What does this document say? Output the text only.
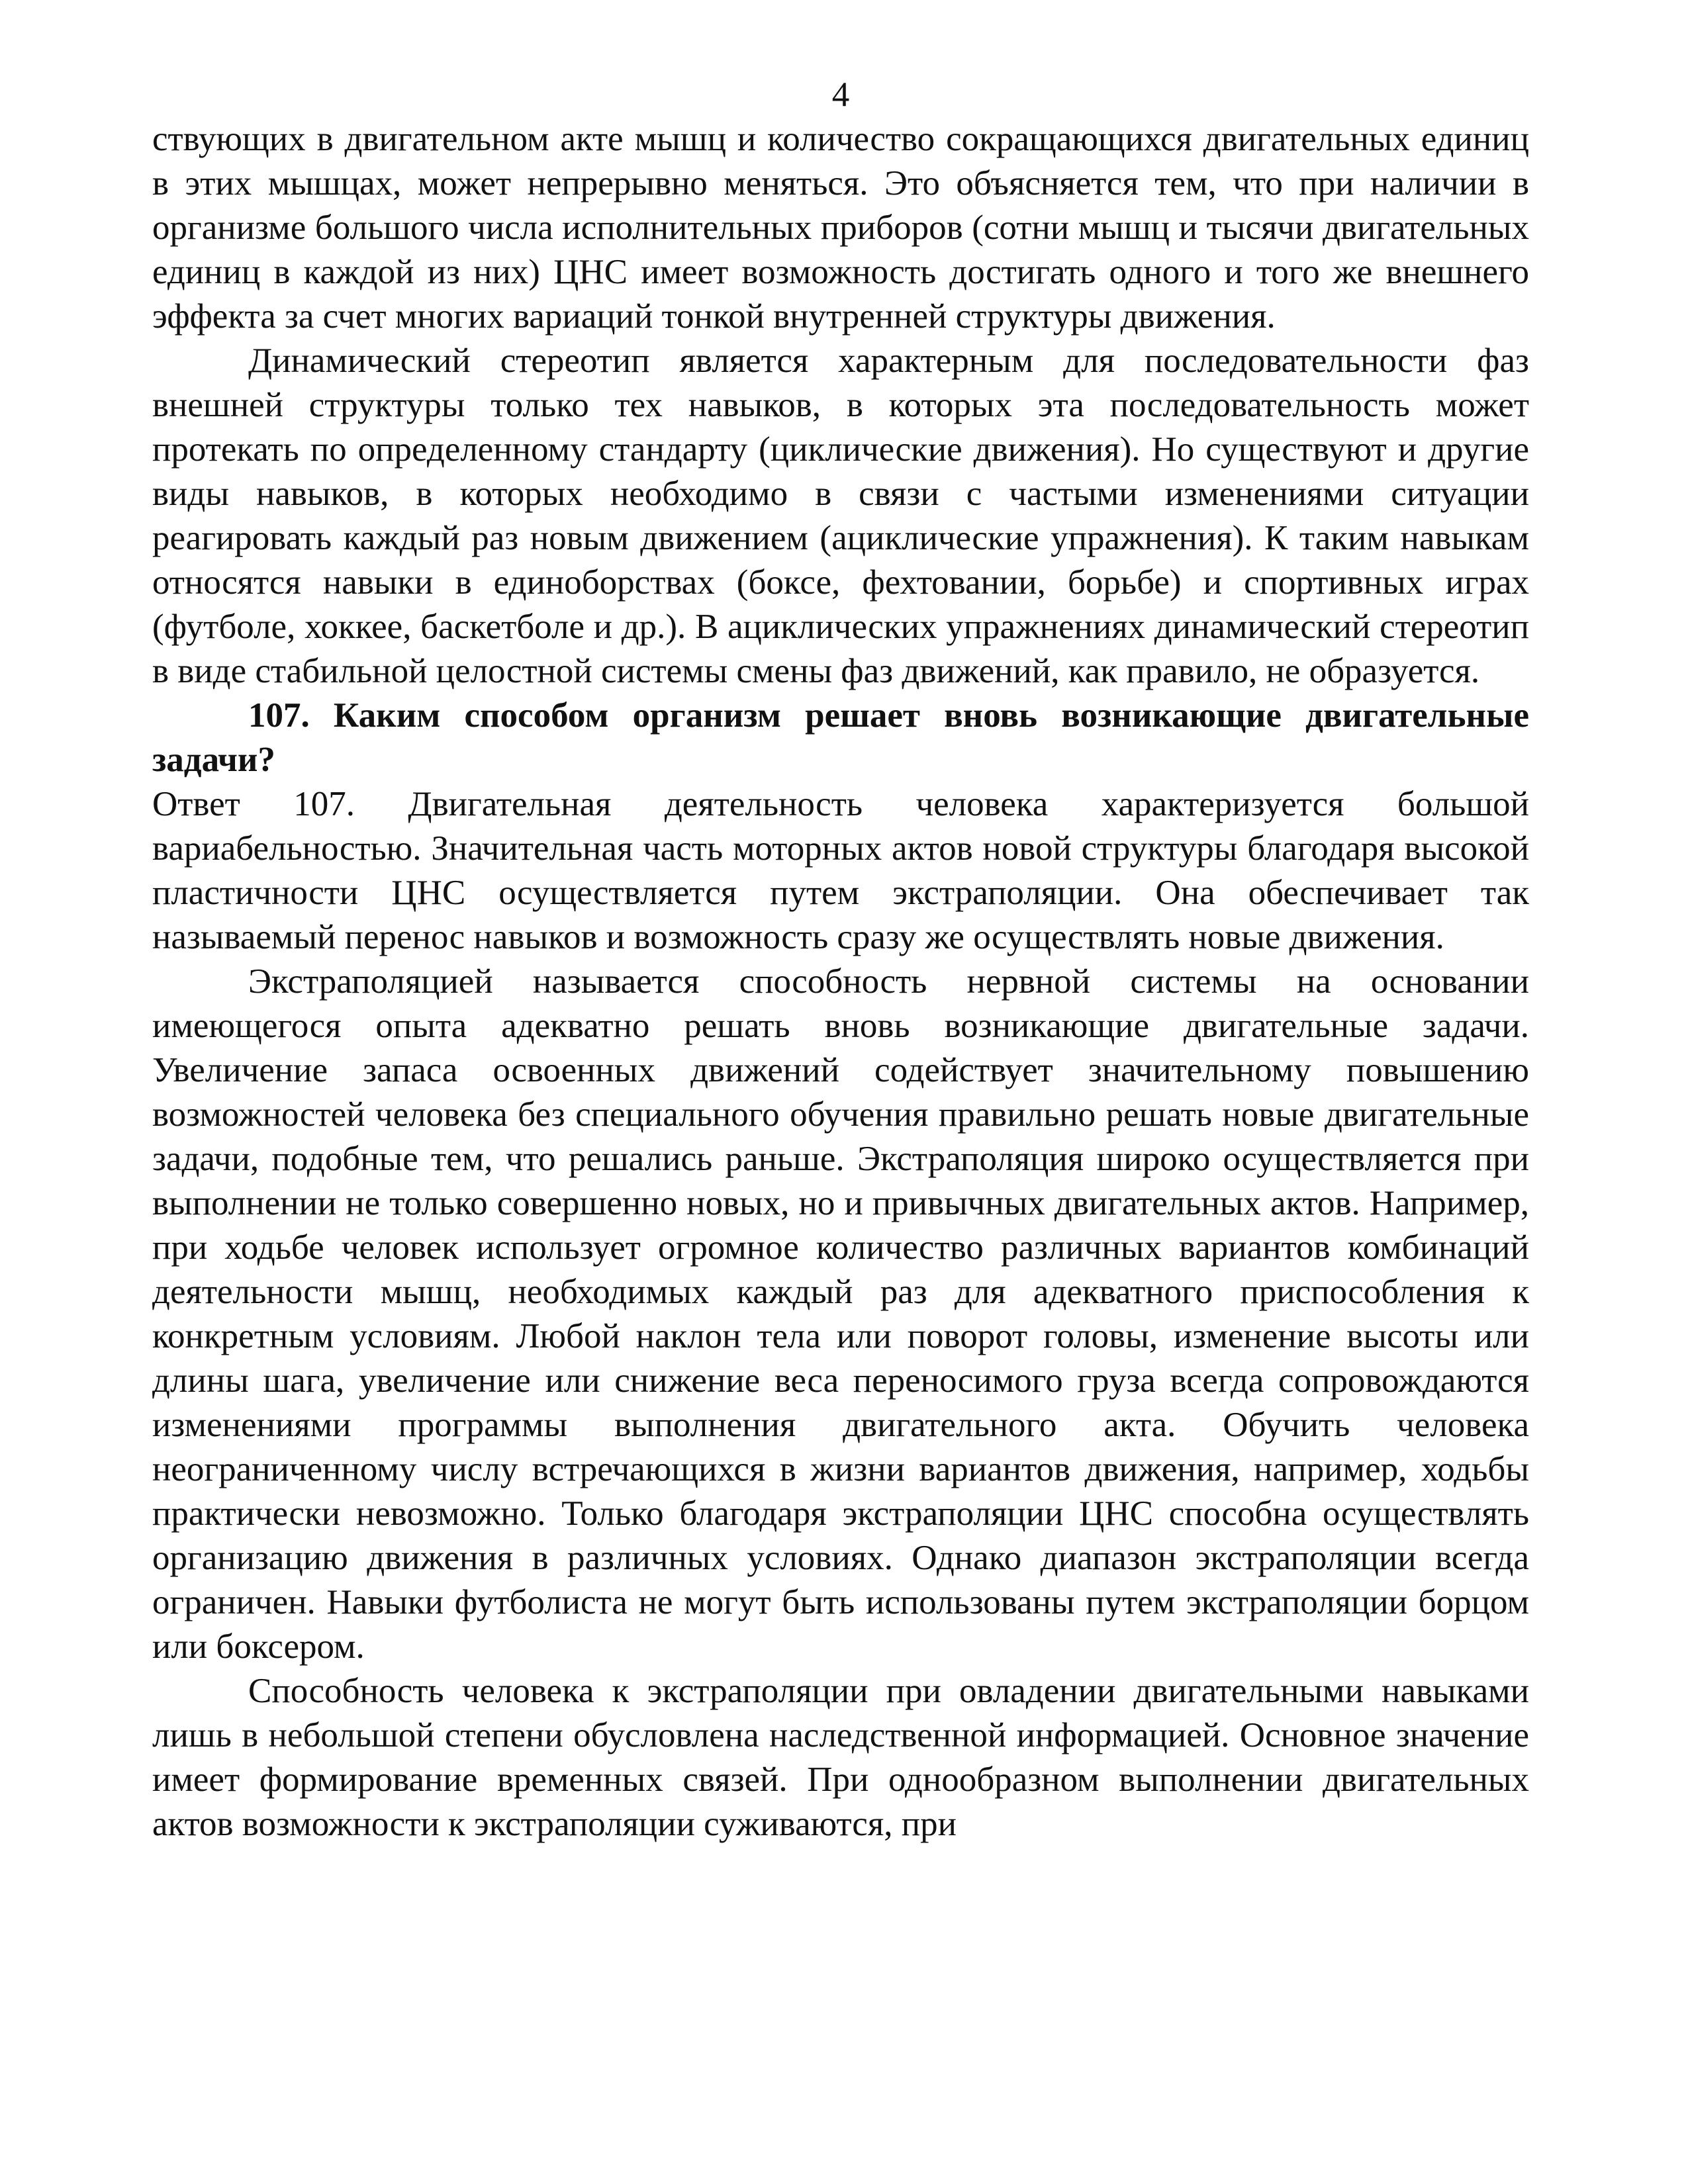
4

ствующих в двигательном акте мышц и количество сокращающихся двигательных единиц в этих мышцах, может непрерывно меняться. Это объясняется тем, что при наличии в организме большого числа исполнительных приборов (сотни мышц и тысячи двигательных единиц в каждой из них) ЦНС имеет возможность достигать одного и того же внешнего эффекта за счет многих вариаций тонкой внутренней структуры движения.

Динамический стереотип является характерным для последовательности фаз внешней структуры только тех навыков, в которых эта последовательность может протекать по определенному стандарту (циклические движения). Но существуют и другие виды навыков, в которых необходимо в связи с частыми изменениями ситуации реагировать каждый раз новым движением (ациклические упражнения). К таким навыкам относятся навыки в единоборствах (боксе, фехтовании, борьбе) и спортивных играх (футболе, хоккее, баскетболе и др.). В ациклических упражнениях динамический стереотип в виде стабильной целостной системы смены фаз движений, как правило, не образуется.

107. Каким способом организм решает вновь возникающие двигательные задачи?

Ответ 107. Двигательная деятельность человека характеризуется большой вариабельностью. Значительная часть моторных актов новой структуры благодаря высокой пластичности ЦНС осуществляется путем экстраполяции. Она обеспечивает так называемый перенос навыков и возможность сразу же осуществлять новые движения.

Экстраполяцией называется способность нервной системы на основании имеющегося опыта адекватно решать вновь возникающие двигательные задачи. Увеличение запаса освоенных движений содействует значительному повышению возможностей человека без специального обучения правильно решать новые двигательные задачи, подобные тем, что решались раньше. Экстраполяция широко осуществляется при выполнении не только совершенно новых, но и привычных двигательных актов. Например, при ходьбе человек использует огромное количество различных вариантов комбинаций деятельности мышц, необходимых каждый раз для адекватного приспособления к конкретным условиям. Любой наклон тела или поворот головы, изменение высоты или длины шага, увеличение или снижение веса переносимого груза всегда сопровождаются изменениями программы выполнения двигательного акта. Обучить человека неограниченному числу встречающихся в жизни вариантов движения, например, ходьбы практически невозможно. Только благодаря экстраполяции ЦНС способна осуществлять организацию движения в различных условиях. Однако диапазон экстраполяции всегда ограничен. Навыки футболиста не могут быть использованы путем экстраполяции борцом или боксером.

Способность человека к экстраполяции при овладении двигательными навыками лишь в небольшой степени обусловлена наследственной информацией. Основное значение имеет формирование временных связей. При однообразном выполнении двигательных актов возможности к экстраполяции суживаются, при
